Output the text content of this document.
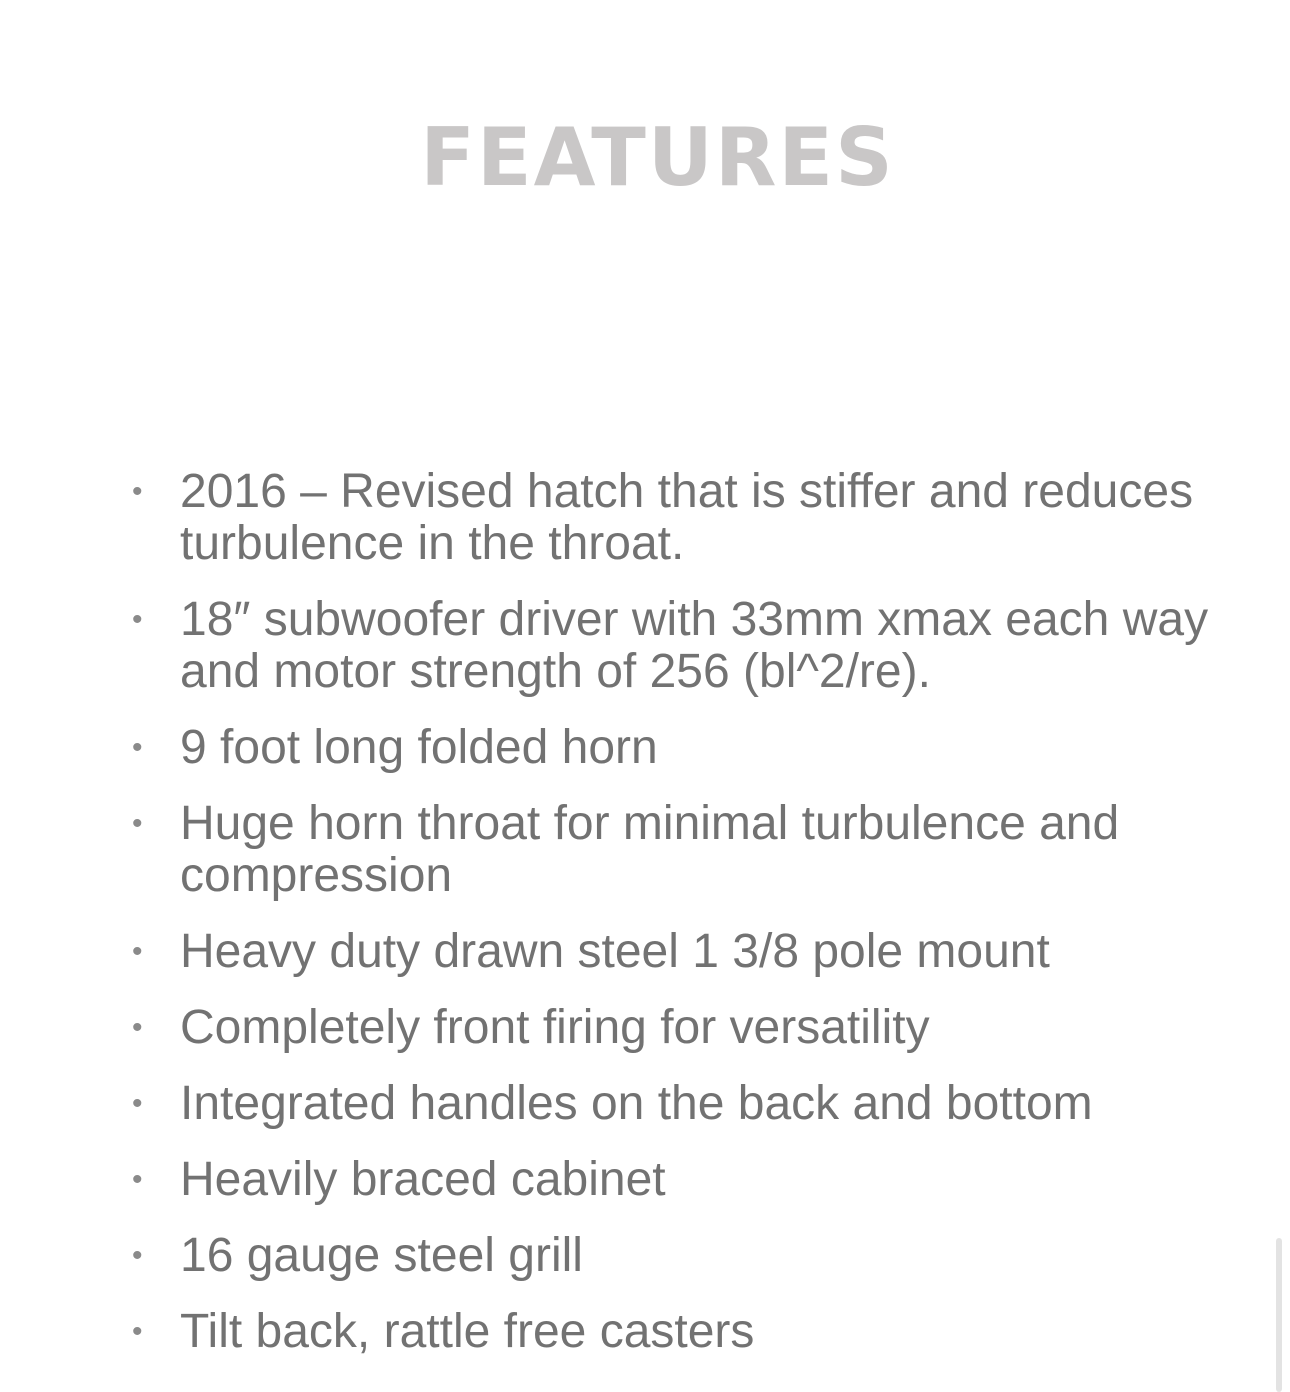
FEATURES
• 2016 – Revised hatch that is stiffer and reduces turbulence in the throat.
• 18″ subwoofer driver with 33mm xmax each way and motor strength of 256 (bl^2/re).
• 9 foot long folded horn
• Huge horn throat for minimal turbulence and compression
• Heavy duty drawn steel 1 3/8 pole mount
• Completely front firing for versatility
• Integrated handles on the back and bottom
• Heavily braced cabinet
• 16 gauge steel grill
• Tilt back, rattle free casters
